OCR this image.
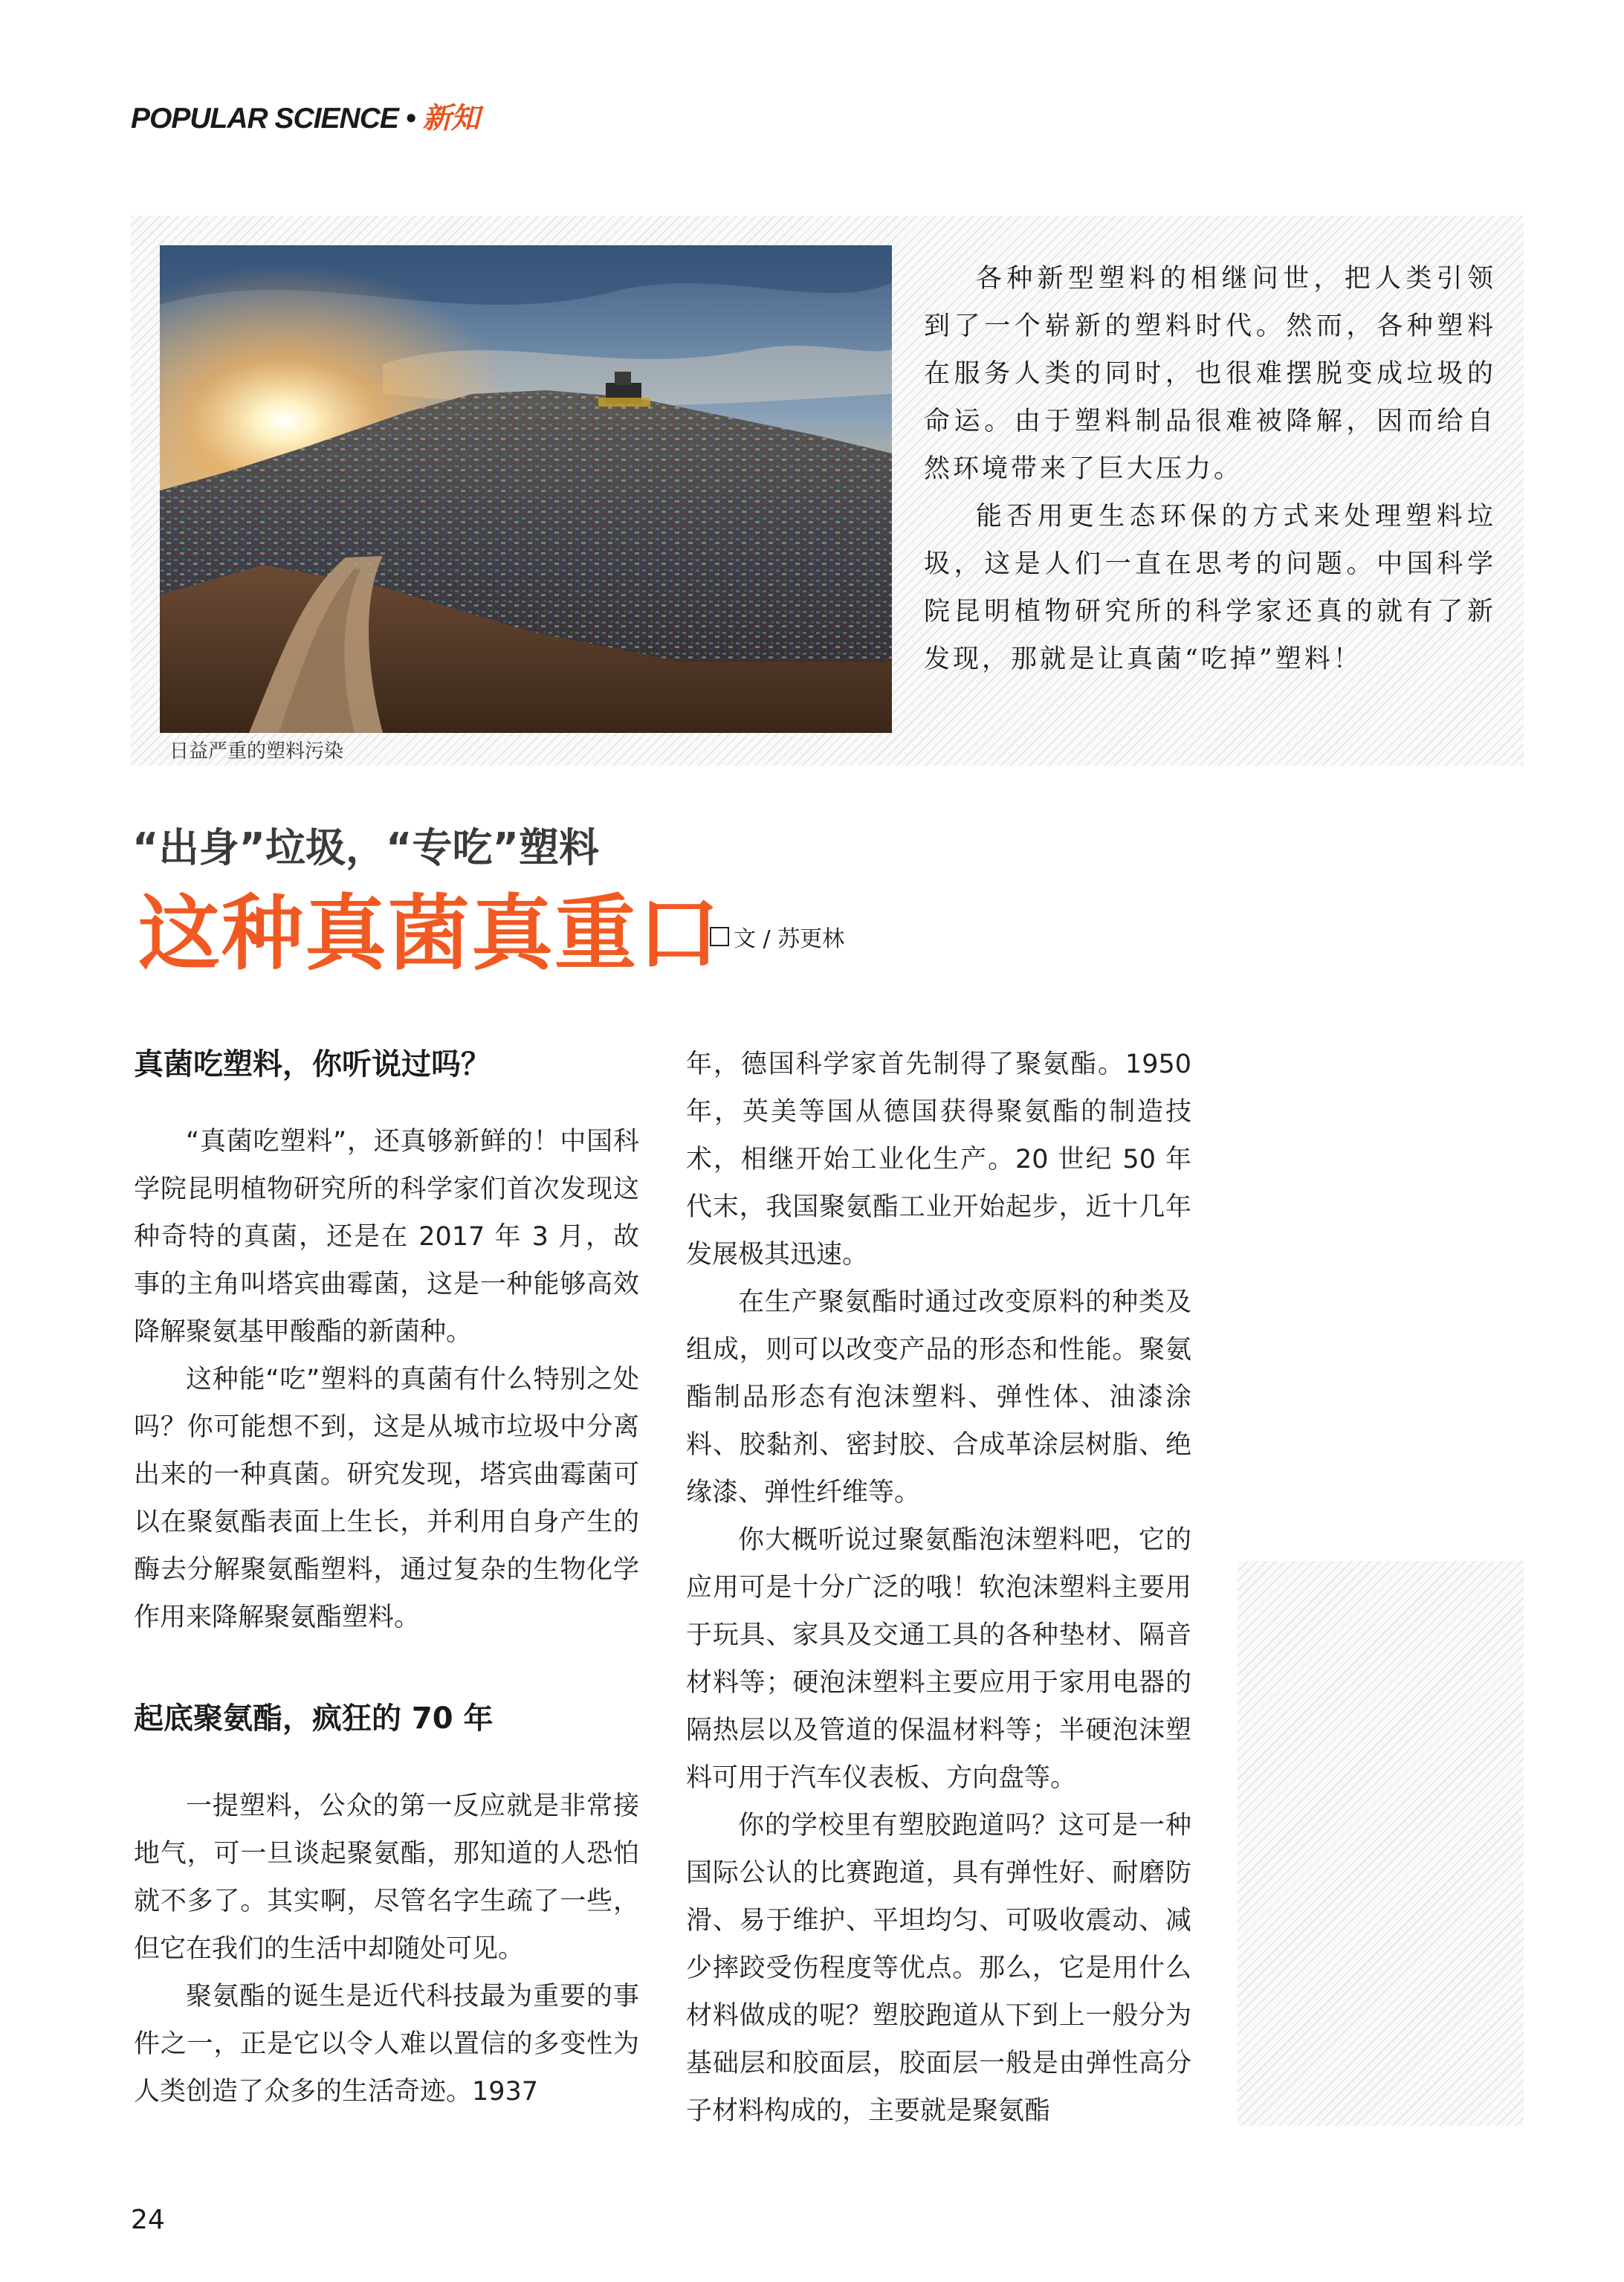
POPULAR SCIENCE • 新知
日益严重的塑料污染

各种新型塑料的相继问世，把人类引领到了一个崭新的塑料时代。然而，各种塑料在服务人类的同时，也很难摆脱变成垃圾的命运。由于塑料制品很难被降解，因而给自然环境带来了巨大压力。

能否用更生态环保的方式来处理塑料垃圾，这是人们一直在思考的问题。中国科学院昆明植物研究所的科学家还真的就有了新发现，那就是让真菌“吃掉”塑料！

“出身”垃圾，“专吃”塑料
这种真菌真重口 文 / 苏更林
真菌吃塑料，你听说过吗？

“真菌吃塑料”，还真够新鲜的！中国科学院昆明植物研究所的科学家们首次发现这种奇特的真菌，还是在 2017 年 3 月，故事的主角叫塔宾曲霉菌，这是一种能够高效降解聚氨基甲酸酯的新菌种。

这种能“吃”塑料的真菌有什么特别之处吗？你可能想不到，这是从城市垃圾中分离出来的一种真菌。研究发现，塔宾曲霉菌可以在聚氨酯表面上生长，并利用自身产生的酶去分解聚氨酯塑料，通过复杂的生物化学作用来降解聚氨酯塑料。

起底聚氨酯，疯狂的 70 年

一提塑料，公众的第一反应就是非常接地气，可一旦谈起聚氨酯，那知道的人恐怕就不多了。其实啊，尽管名字生疏了一些，但它在我们的生活中却随处可见。

聚氨酯的诞生是近代科技最为重要的事件之一，正是它以令人难以置信的多变性为人类创造了众多的生活奇迹。1937

年，德国科学家首先制得了聚氨酯。1950 年，英美等国从德国获得聚氨酯的制造技术，相继开始工业化生产。20 世纪 50 年代末，我国聚氨酯工业开始起步，近十几年发展极其迅速。

在生产聚氨酯时通过改变原料的种类及组成，则可以改变产品的形态和性能。聚氨酯制品形态有泡沫塑料、弹性体、油漆涂料、胶黏剂、密封胶、合成革涂层树脂、绝缘漆、弹性纤维等。

你大概听说过聚氨酯泡沫塑料吧，它的应用可是十分广泛的哦！软泡沫塑料主要用于玩具、家具及交通工具的各种垫材、隔音材料等；硬泡沫塑料主要应用于家用电器的隔热层以及管道的保温材料等；半硬泡沫塑料可用于汽车仪表板、方向盘等。

你的学校里有塑胶跑道吗？这可是一种国际公认的比赛跑道，具有弹性好、耐磨防滑、易于维护、平坦均匀、可吸收震动、减少摔跤受伤程度等优点。那么，它是用什么材料做成的呢？塑胶跑道从下到上一般分为基础层和胶面层，胶面层一般是由弹性高分子材料构成的，主要就是聚氨酯

24
